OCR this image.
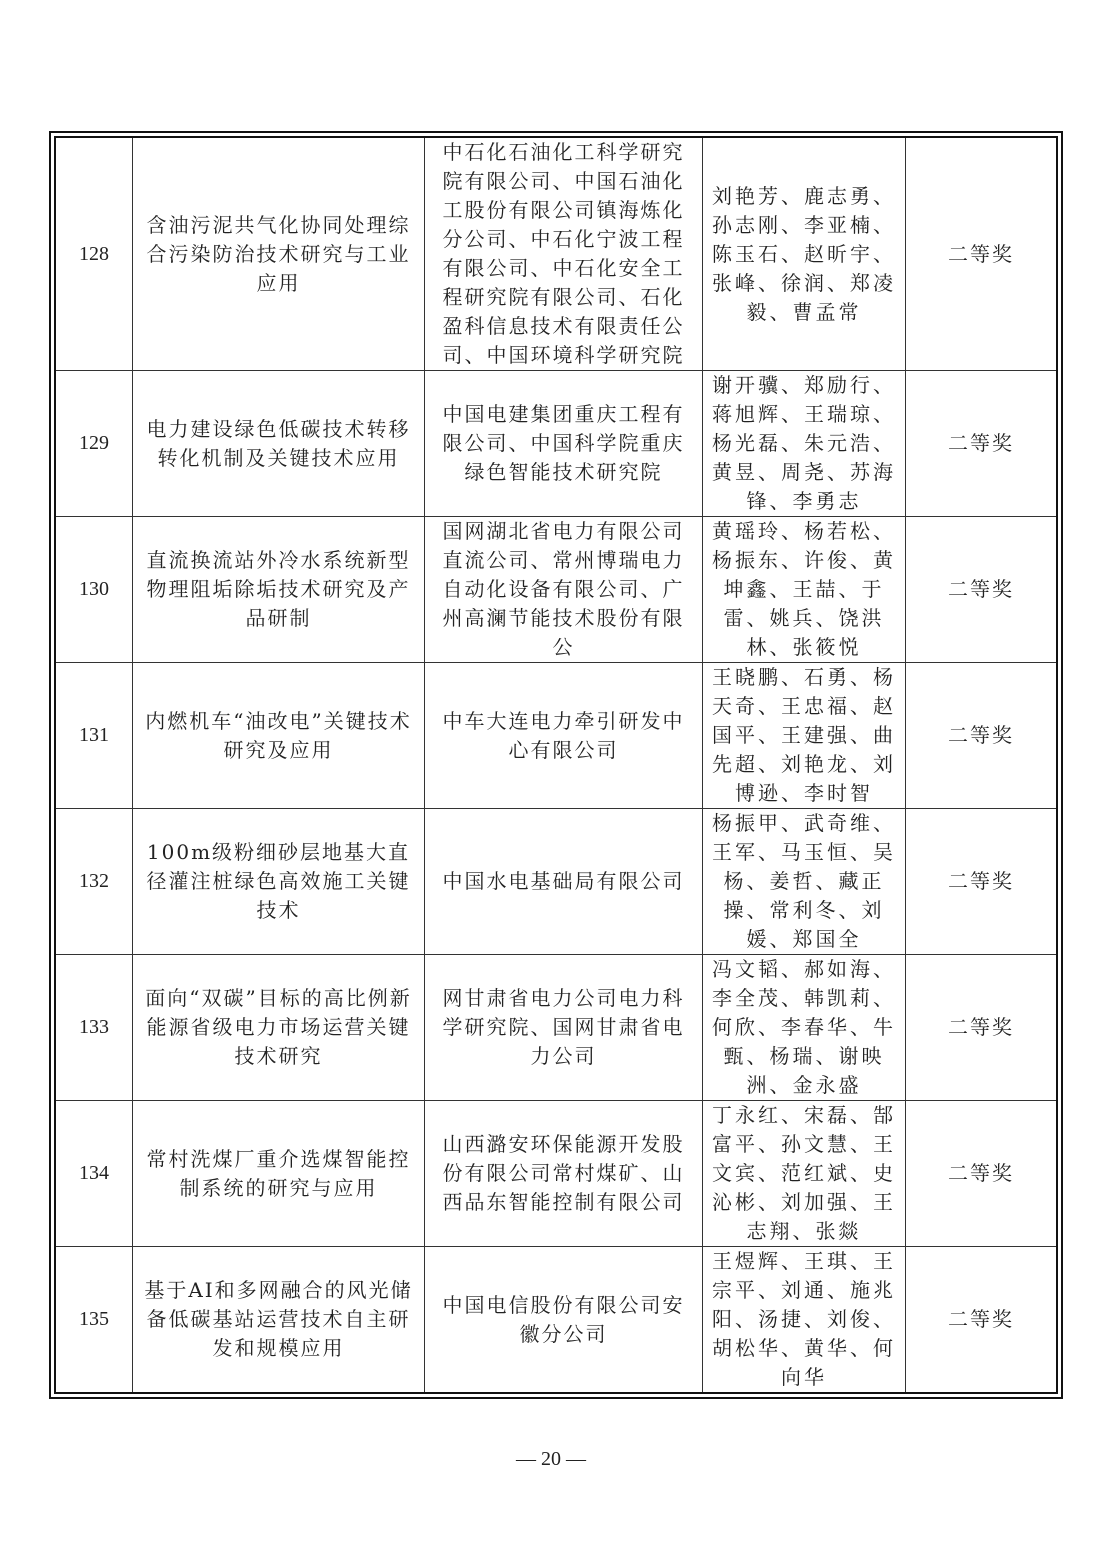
128	含油污泥共气化协同处理综合污染防治技术研究与工业应用	中石化石油化工科学研究院有限公司、中国石油化工股份有限公司镇海炼化分公司、中石化宁波工程有限公司、中石化安全工程研究院有限公司、石化盈科信息技术有限责任公司、中国环境科学研究院	刘艳芳、鹿志勇、孙志刚、李亚楠、陈玉石、赵昕宇、张峰、徐润、郑凌毅、曹孟常	二等奖
129	电力建设绿色低碳技术转移转化机制及关键技术应用	中国电建集团重庆工程有限公司、中国科学院重庆绿色智能技术研究院	谢开骥、郑励行、蒋旭辉、王瑞琼、杨光磊、朱元浩、黄昱、周尧、苏海锋、李勇志	二等奖
130	直流换流站外冷水系统新型物理阻垢除垢技术研究及产品研制	国网湖北省电力有限公司直流公司、常州博瑞电力自动化设备有限公司、广州高澜节能技术股份有限公	黄瑶玲、杨若松、杨振东、许俊、黄坤鑫、王喆、于雷、姚兵、饶洪林、张筱悦	二等奖
131	内燃机车“油改电”关键技术研究及应用	中车大连电力牵引研发中心有限公司	王晓鹏、石勇、杨天奇、王忠福、赵国平、王建强、曲先超、刘艳龙、刘博逊、李时智	二等奖
132	100m级粉细砂层地基大直径灌注桩绿色高效施工关键技术	中国水电基础局有限公司	杨振甲、武奇维、王军、马玉恒、吴杨、姜哲、藏正操、常利冬、刘媛、郑国全	二等奖
133	面向“双碳”目标的高比例新能源省级电力市场运营关键技术研究	网甘肃省电力公司电力科学研究院、国网甘肃省电力公司	冯文韬、郝如海、李全茂、韩凯莉、何欣、李春华、牛甄、杨瑞、谢映洲、金永盛	二等奖
134	常村洗煤厂重介选煤智能控制系统的研究与应用	山西潞安环保能源开发股份有限公司常村煤矿、山西品东智能控制有限公司	丁永红、宋磊、郜富平、孙文慧、王文宾、范红斌、史沁彬、刘加强、王志翔、张燚	二等奖
135	基于AI和多网融合的风光储备低碳基站运营技术自主研发和规模应用	中国电信股份有限公司安徽分公司	王煜辉、王琪、王宗平、刘通、施兆阳、汤捷、刘俊、胡松华、黄华、何向华	二等奖
— 20 —
